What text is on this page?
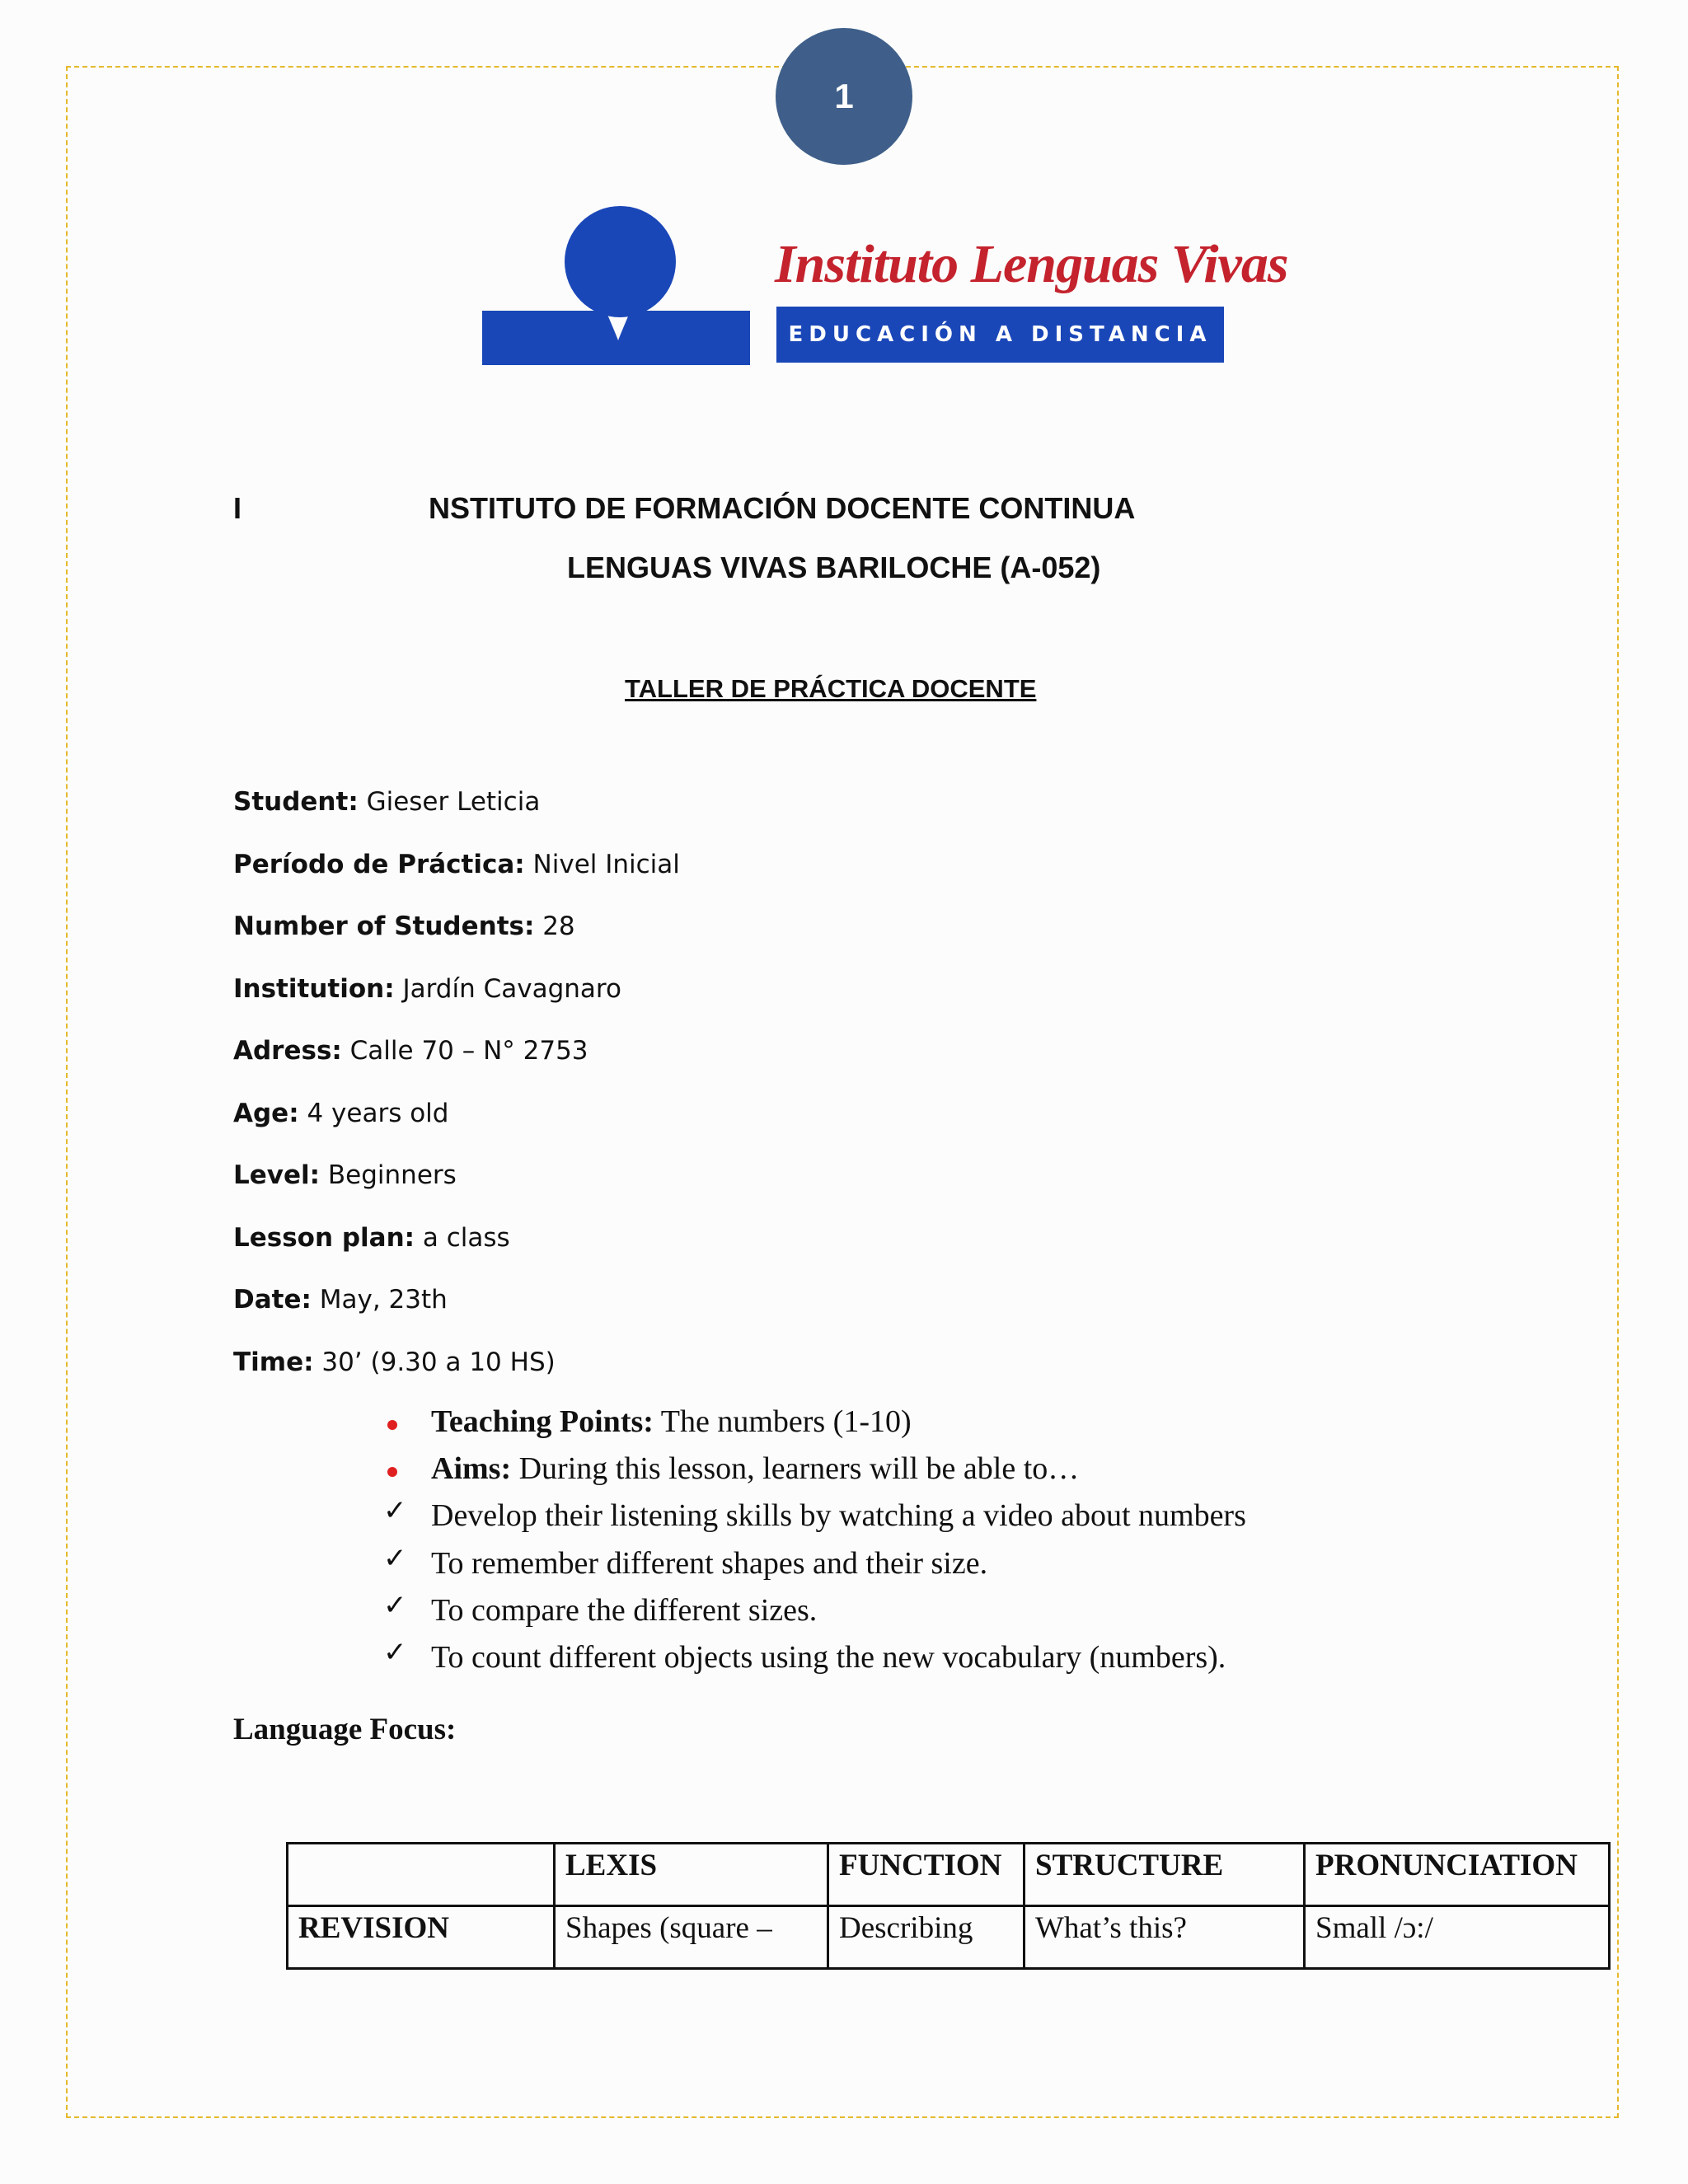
1
Instituto Lenguas Vivas
EDUCACIÓN A DISTANCIA
I	NSTITUTO DE FORMACIÓN DOCENTE CONTINUA
LENGUAS VIVAS BARILOCHE (A-052)
TALLER DE PRÁCTICA DOCENTE
Student: Gieser Leticia
Período de Práctica: Nivel Inicial
Number of Students: 28
Institution: Jardín Cavagnaro
Adress: Calle 70 – N° 2753
Age: 4 years old
Level: Beginners
Lesson plan: a class
Date: May, 23th
Time: 30’ (9.30 a 10 HS)
Teaching Points: The numbers (1-10)
Aims: During this lesson, learners will be able to…
✓ Develop their listening skills by watching a video about numbers
✓ To remember different shapes and their size.
✓ To compare the different sizes.
✓ To count different objects using the new vocabulary (numbers).
Language Focus:
	LEXIS	FUNCTION	STRUCTURE	PRONUNCIATION
REVISION	Shapes (square –	Describing	What’s this?	Small /ɔ:/
